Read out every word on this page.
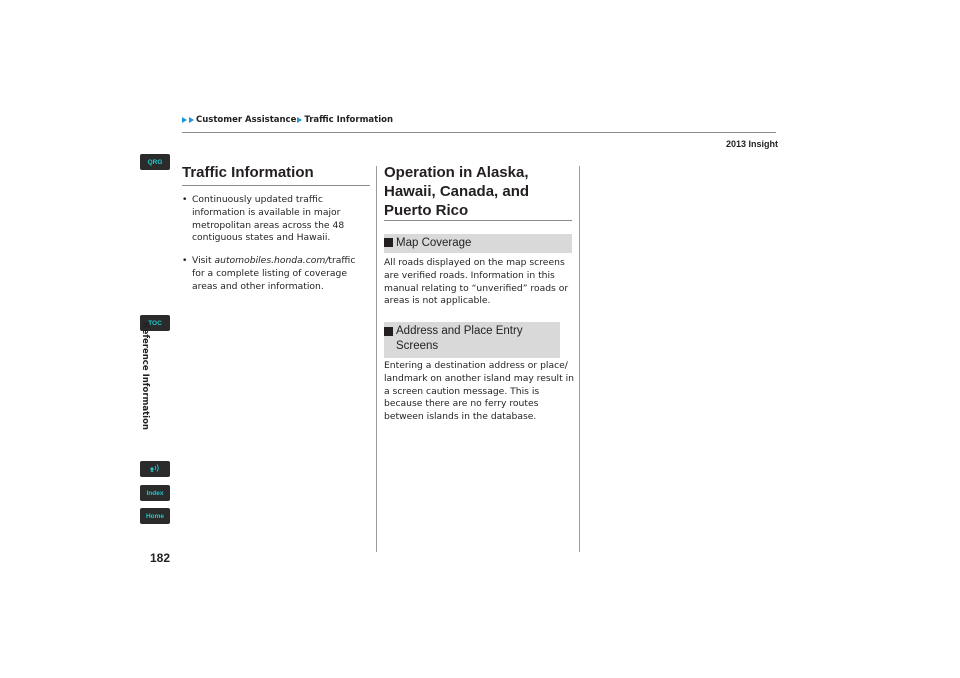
Customer Assistance Traffic Information
2013 Insight
QRG
TOC
Reference Information
Index
Home
Traffic Information
• Continuously updated traffic information is available in major metropolitan areas across the 48 contiguous states and Hawaii.
• Visit automobiles.honda.com/traffic for a complete listing of coverage areas and other information.
Operation in Alaska, Hawaii, Canada, and Puerto Rico
Map Coverage
All roads displayed on the map screens are verified roads. Information in this manual relating to “unverified” roads or areas is not applicable.
Address and Place Entry Screens
Entering a destination address or place/ landmark on another island may result in a screen caution message. This is because there are no ferry routes between islands in the database.
182
